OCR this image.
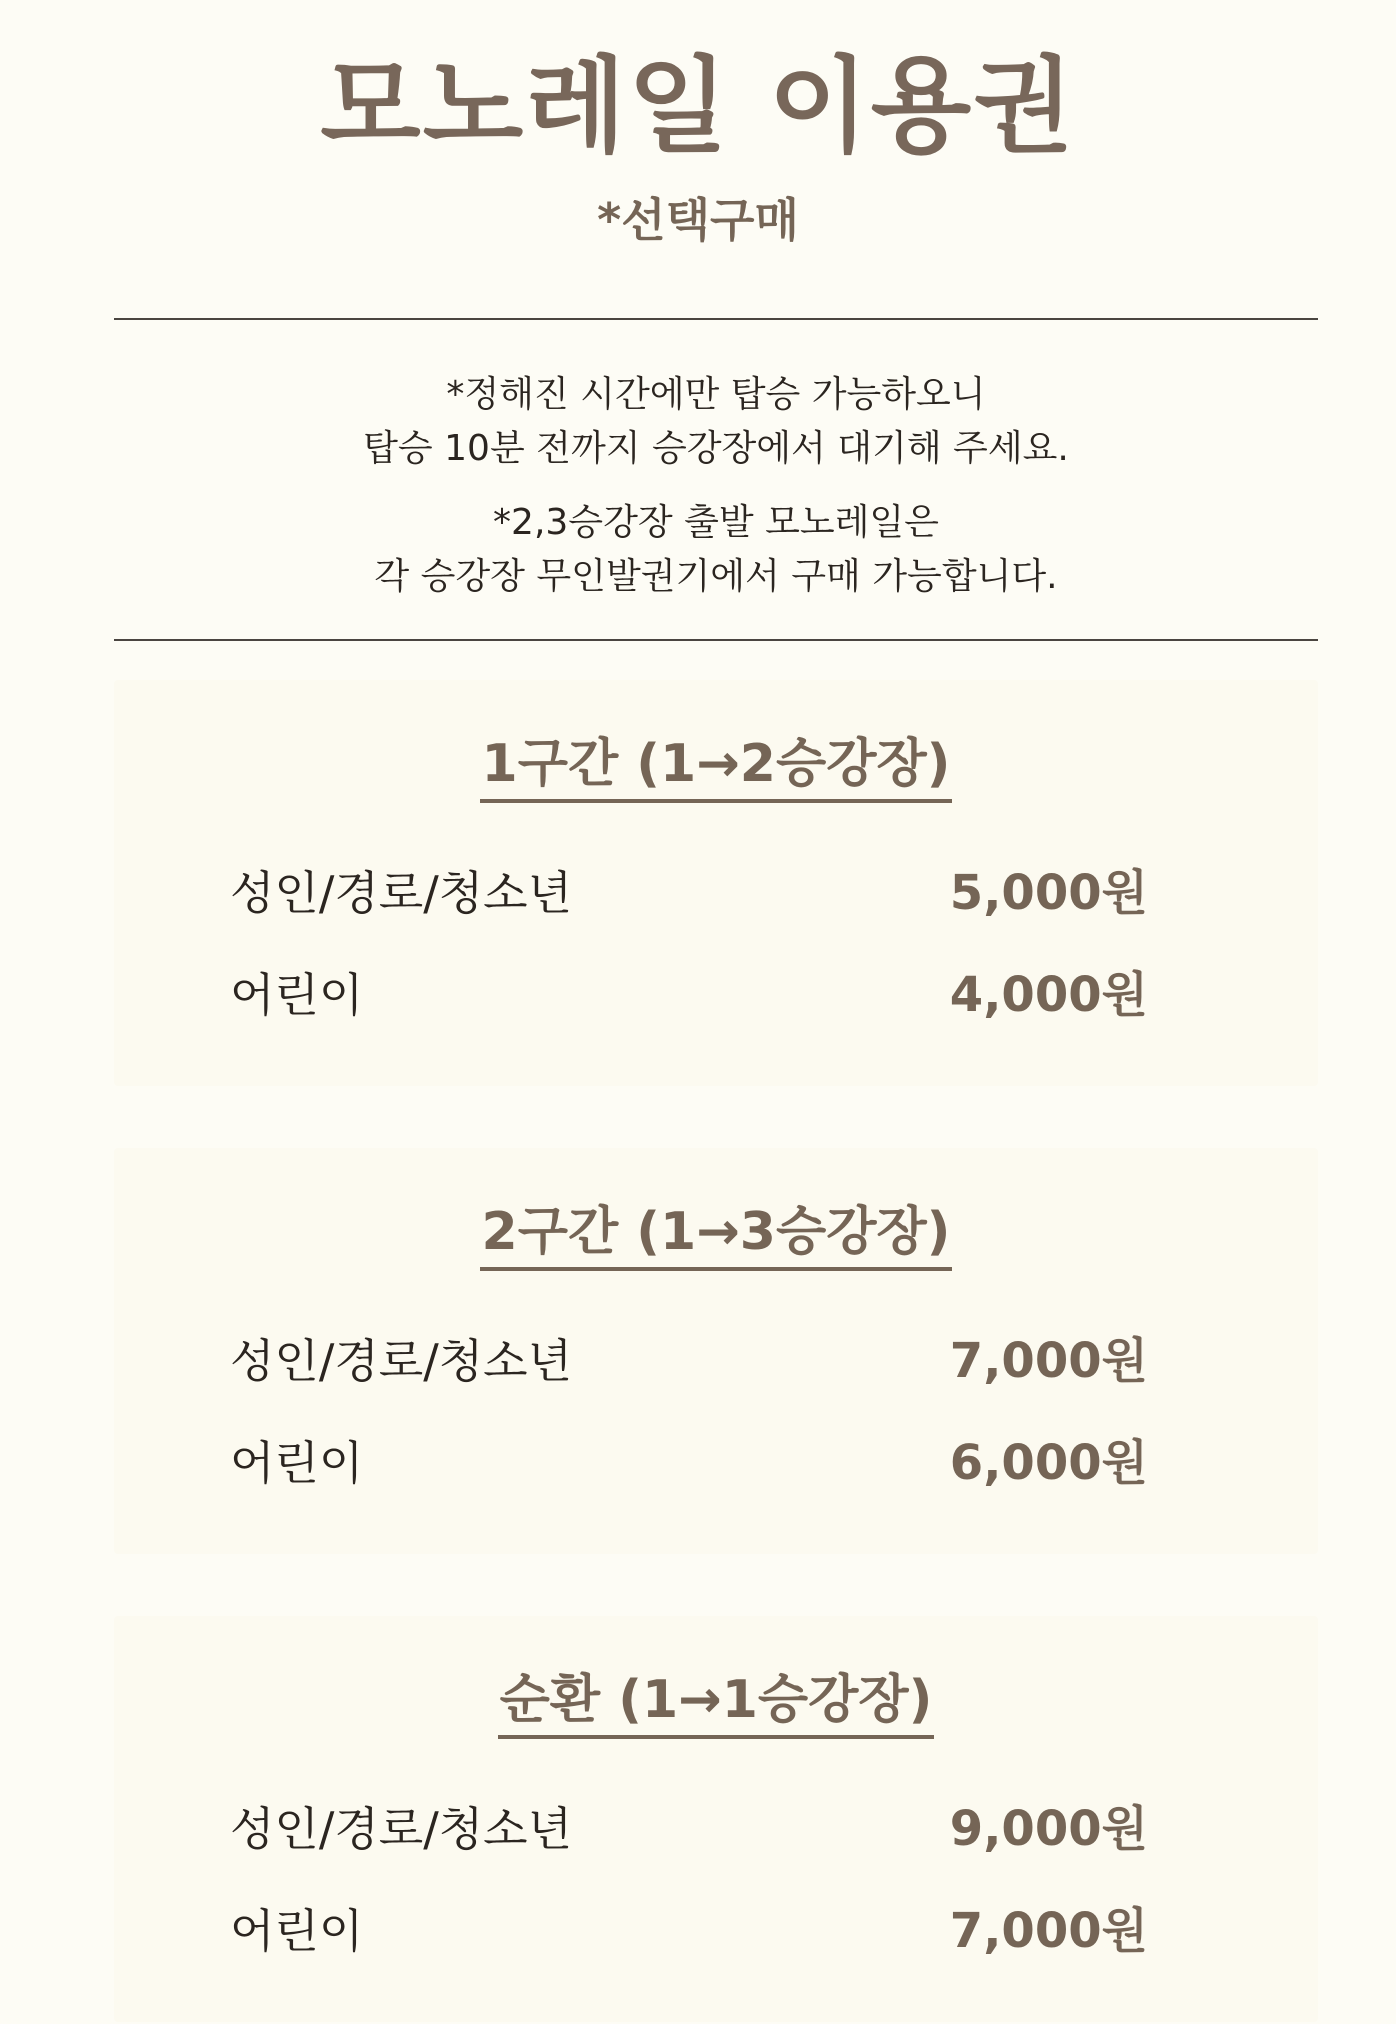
모노레일 이용권
*선택구매
*정해진 시간에만 탑승 가능하오니
탑승 10분 전까지 승강장에서 대기해 주세요.
*2,3승강장 출발 모노레일은
각 승강장 무인발권기에서 구매 가능합니다.
1구간 (1→2승강장)
성인/경로/청소년	5,000원
어린이	4,000원
2구간 (1→3승강장)
성인/경로/청소년	7,000원
어린이	6,000원
순환 (1→1승강장)
성인/경로/청소년	9,000원
어린이	7,000원
